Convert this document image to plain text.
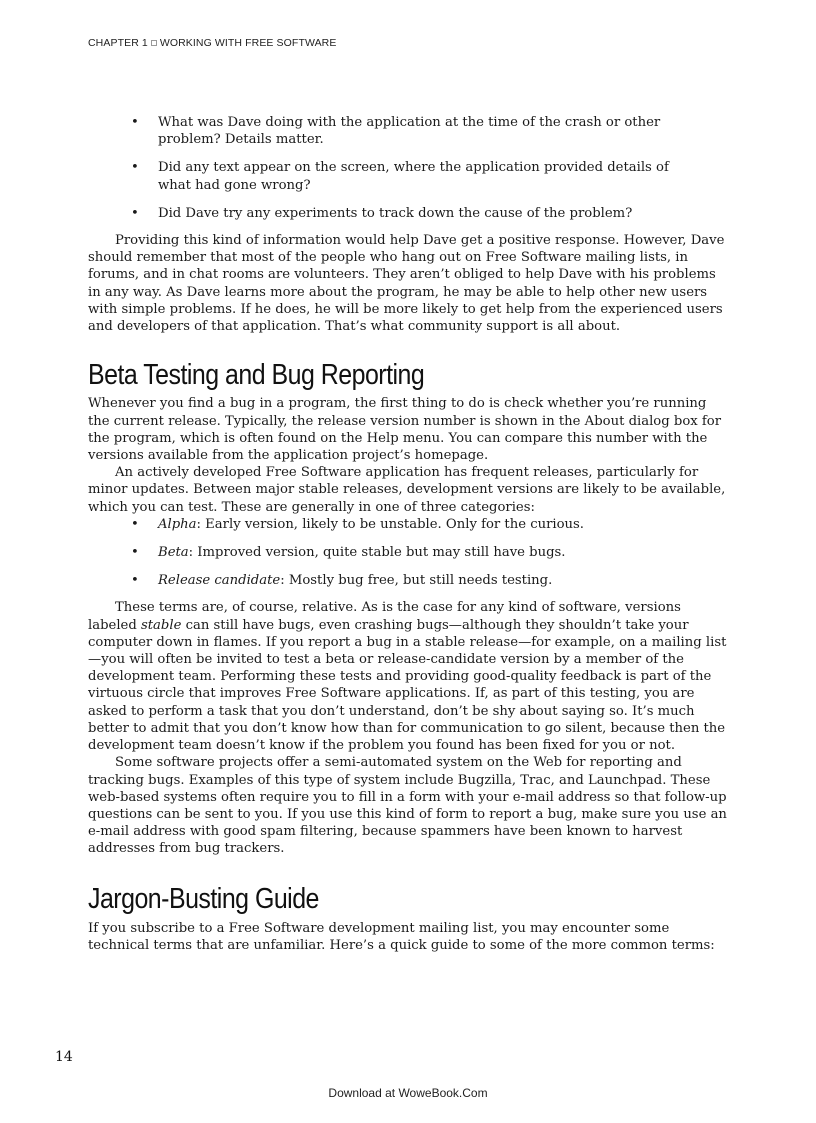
CHAPTER 1 WORKING WITH FREE SOFTWARE
• What was Dave doing with the application at the time of the crash or other problem? Details matter.
• Did any text appear on the screen, where the application provided details of what had gone wrong?
• Did Dave try any experiments to track down the cause of the problem?

Providing this kind of information would help Dave get a positive response. However, Dave should remember that most of the people who hang out on Free Software mailing lists, in forums, and in chat rooms are volunteers. They aren’t obliged to help Dave with his problems in any way. As Dave learns more about the program, he may be able to help other new users with simple problems. If he does, he will be more likely to get help from the experienced users and developers of that application. That’s what community support is all about.

Beta Testing and Bug Reporting

Whenever you find a bug in a program, the first thing to do is check whether you’re running the current release. Typically, the release version number is shown in the About dialog box for the program, which is often found on the Help menu. You can compare this number with the versions available from the application project’s homepage.

An actively developed Free Software application has frequent releases, particularly for minor updates. Between major stable releases, development versions are likely to be available, which you can test. These are generally in one of three categories:

• Alpha: Early version, likely to be unstable. Only for the curious.
• Beta: Improved version, quite stable but may still have bugs.
• Release candidate: Mostly bug free, but still needs testing.

These terms are, of course, relative. As is the case for any kind of software, versions labeled stable can still have bugs, even crashing bugs—although they shouldn’t take your computer down in flames. If you report a bug in a stable release—for example, on a mailing list—you will often be invited to test a beta or release-candidate version by a member of the development team. Performing these tests and providing good-quality feedback is part of the virtuous circle that improves Free Software applications. If, as part of this testing, you are asked to perform a task that you don’t understand, don’t be shy about saying so. It’s much better to admit that you don’t know how than for communication to go silent, because then the development team doesn’t know if the problem you found has been fixed for you or not.

Some software projects offer a semi-automated system on the Web for reporting and tracking bugs. Examples of this type of system include Bugzilla, Trac, and Launchpad. These web-based systems often require you to fill in a form with your e-mail address so that follow-up questions can be sent to you. If you use this kind of form to report a bug, make sure you use an e-mail address with good spam filtering, because spammers have been known to harvest addresses from bug trackers.

Jargon-Busting Guide

If you subscribe to a Free Software development mailing list, you may encounter some technical terms that are unfamiliar. Here’s a quick guide to some of the more common terms:

14
Download at WoweBook.Com
